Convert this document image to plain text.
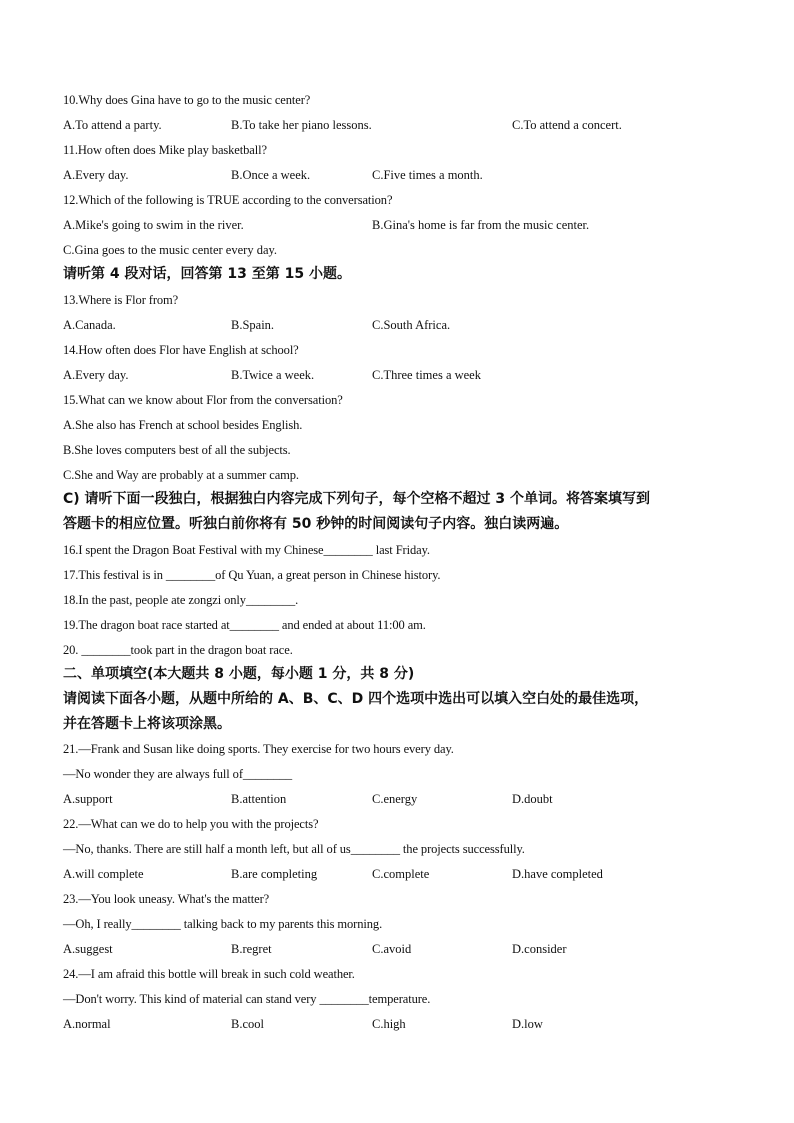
10.Why does Gina have to go to the music center?
A.To attend a party.	B.To take her piano lessons.	C.To attend a concert.
11.How often does Mike play basketball?
A.Every day.	B.Once a week.	C.Five times a month.
12.Which of the following is TRUE according to the conversation?
A.Mike's going to swim in the river.	B.Gina's home is far from the music center.
C.Gina goes to the music center every day.
请听第 4 段对话，回答第 13 至第 15 小题。
13.Where is Flor from?
A.Canada.	B.Spain.	C.South Africa.
14.How often does Flor have English at school?
A.Every day.	B.Twice a week.	C.Three times a week
15.What can we know about Flor from the conversation?
A.She also has French at school besides English.
B.She loves computers best of all the subjects.
C.She and Way are probably at a summer camp.
C) 请听下面一段独白，根据独白内容完成下列句子，每个空格不超过 3 个单词。将答案填写到
答题卡的相应位置。听独白前你将有 50 秒钟的时间阅读句子内容。独白读两遍。
16.I spent the Dragon Boat Festival with my Chinese________ last Friday.
17.This festival is in ________of Qu Yuan, a great person in Chinese history.
18.In the past, people ate zongzi only________.
19.The dragon boat race started at________ and ended at about 11:00 am.
20. ________took part in the dragon boat race.
二、单项填空(本大题共 8 小题，每小题 1 分，共 8 分)
请阅读下面各小题，从题中所给的 A、B、C、D 四个选项中选出可以填入空白处的最佳选项，
并在答题卡上将该项涂黑。
21.—Frank and Susan like doing sports. They exercise for two hours every day.
—No wonder they are always full of________
A.support	B.attention	C.energy	D.doubt
22.—What can we do to help you with the projects?
—No, thanks. There are still half a month left, but all of us________ the projects successfully.
A.will complete	B.are completing	C.complete	D.have completed
23.—You look uneasy. What's the matter?
—Oh, I really________ talking back to my parents this morning.
A.suggest	B.regret	C.avoid	D.consider
24.—I am afraid this bottle will break in such cold weather.
—Don't worry. This kind of material can stand very ________temperature.
A.normal	B.cool	C.high	D.low
